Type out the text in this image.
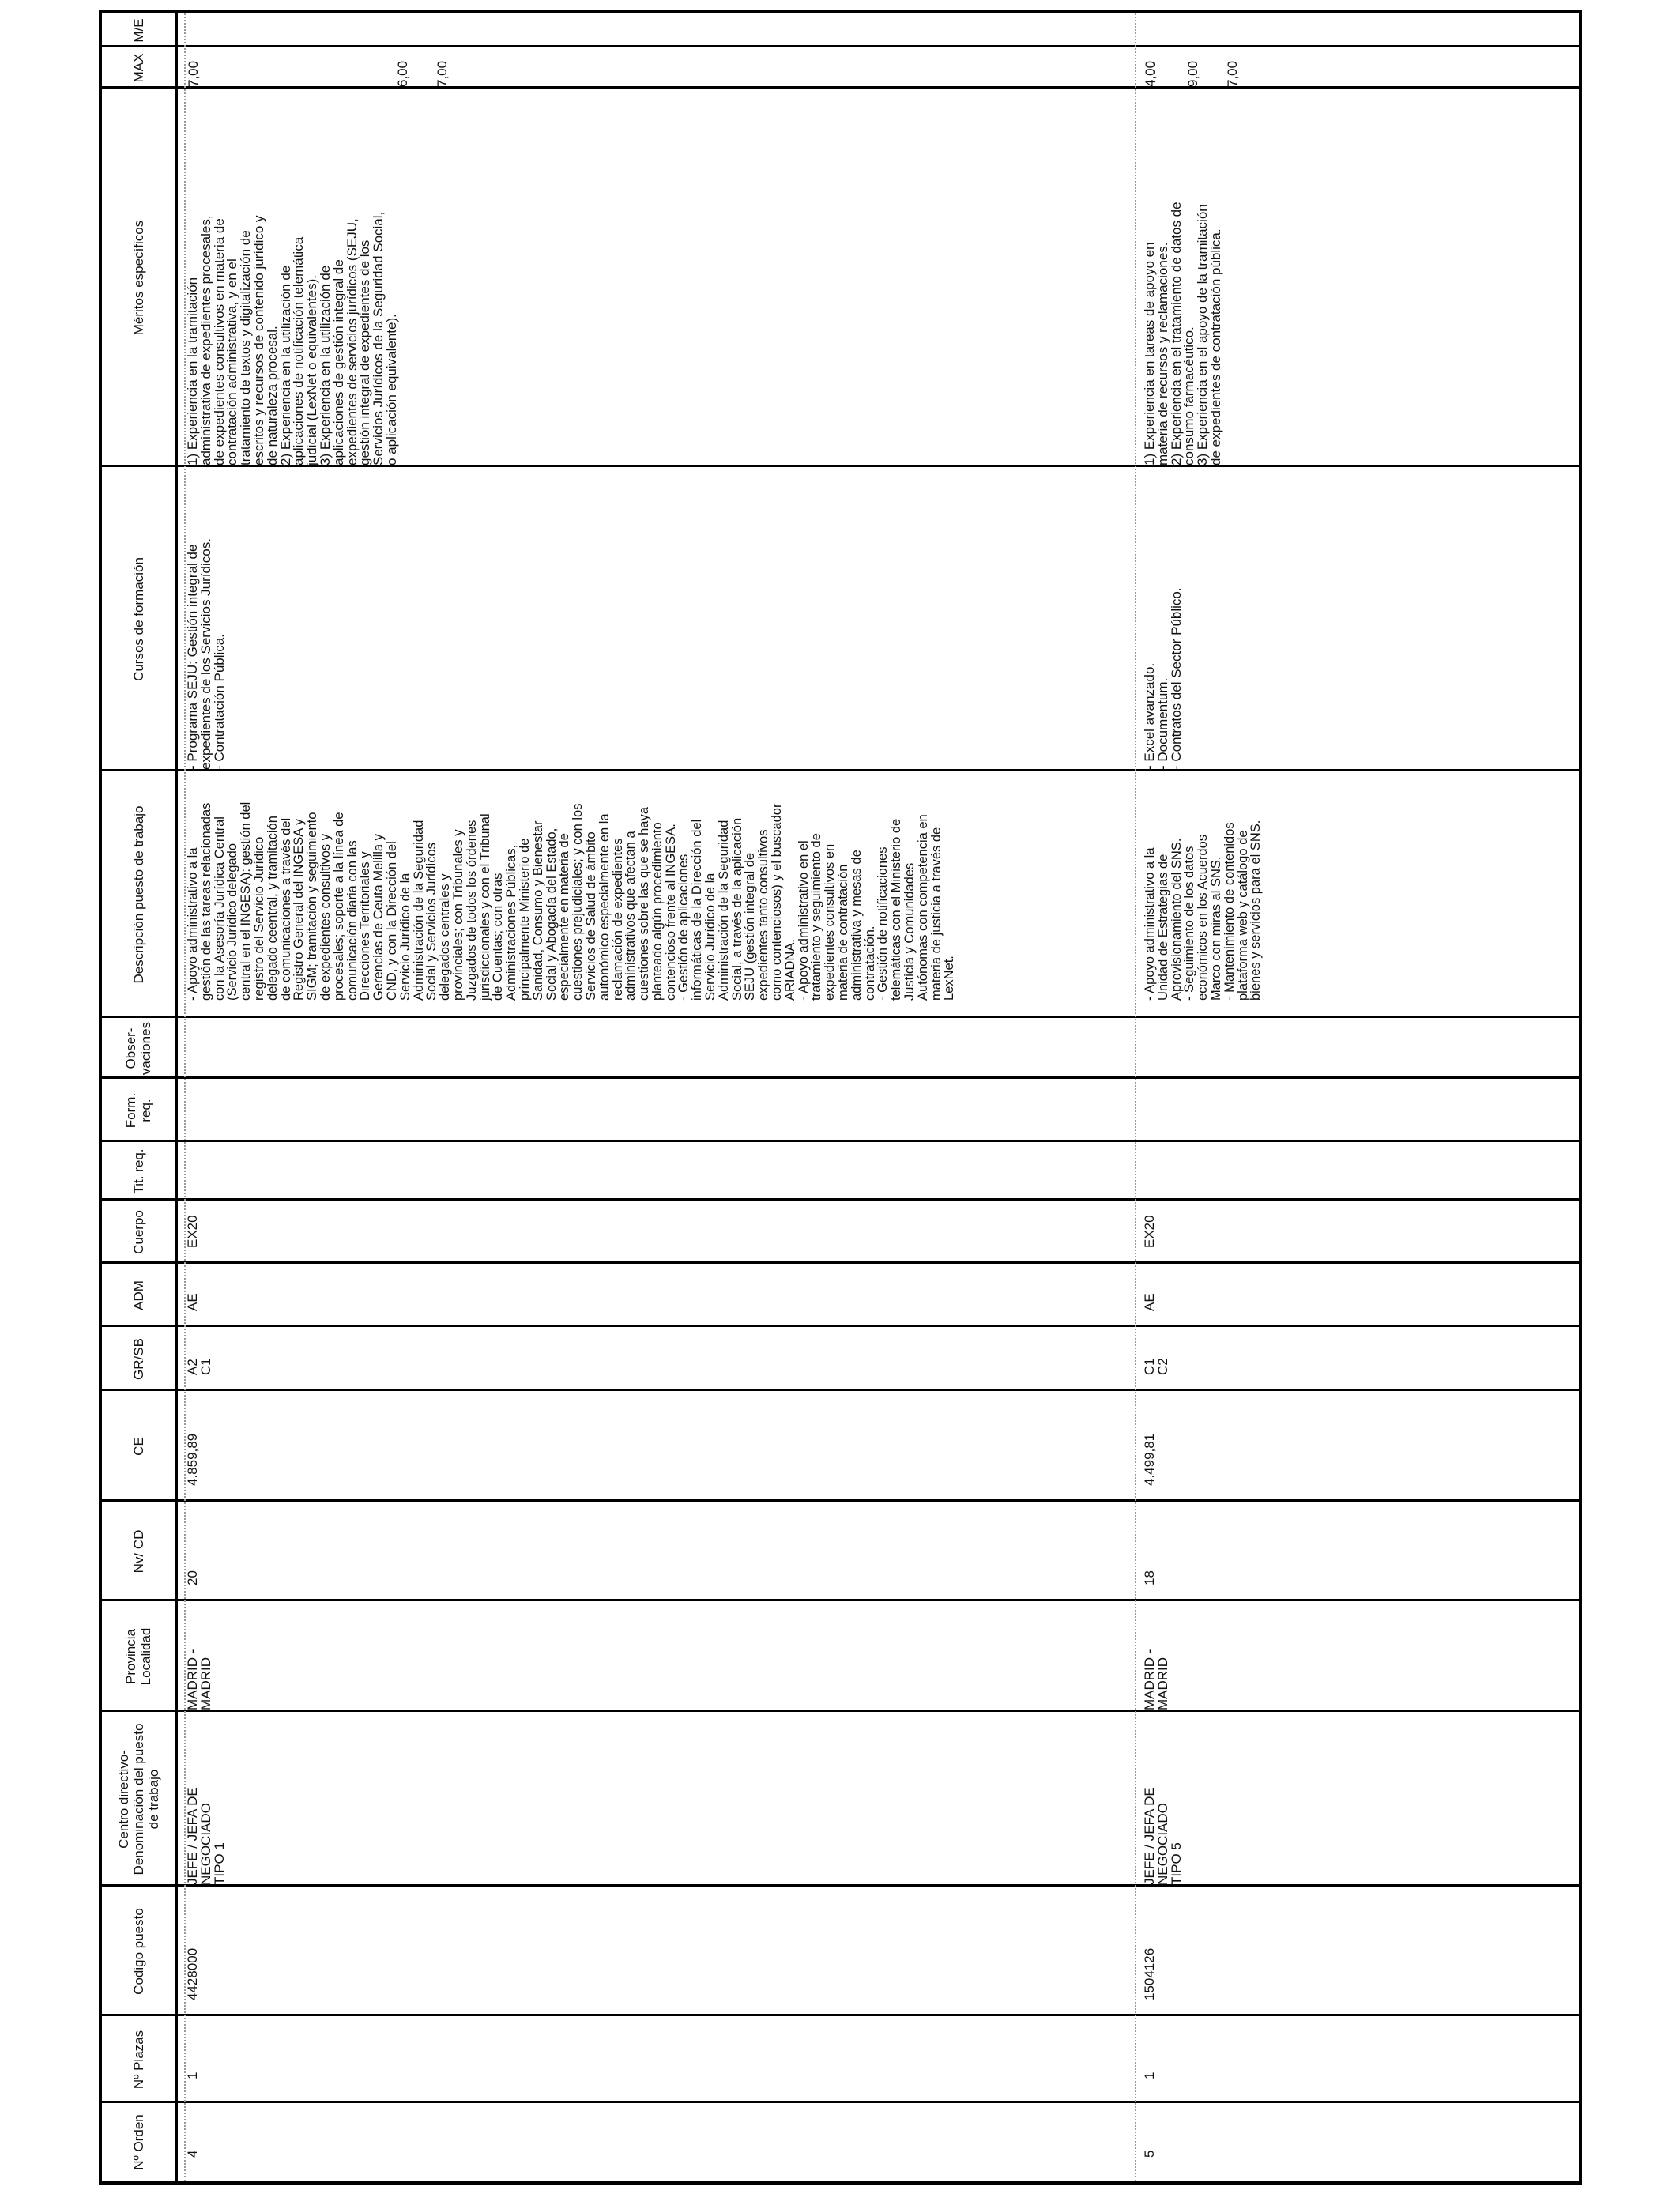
Nº Orden
Nº Plazas
Codigo puesto
Centro directivo- Denominación del puesto de trabajo
Provincia Localidad
Nv/ CD
CE
GR/SB
ADM
Cuerpo
Tit. req.
Form. req.
Obser- vaciones
Descripción puesto de trabajo
Cursos de formación
Méritos específicos
MAX
M/E
4
1
4428000
JEFE / JEFA DE NEGOCIADO
TIPO 1
MADRID -
MADRID
20
4.859,89
A2
C1
AE
EX20
- Apoyo administrativo a la
gestión de las tareas relacionadas
con la Asesoría Jurídica Central
(Servicio Jurídico delegado
central en el INGESA): gestión del
registro del Servicio Jurídico
delegado ceentral, y tramitación
de comunicaciones a través del
Registro General del INGESA y
SIGM; tramitación y seguimiento
de expedientes consultivos y
procesales; soporte a la línea de
comunicación diaria con las
Direcciones Territoriales y
Gerencias de Ceuta Melilla y
CND, y con la Dirección del
Servicio Jurídico de la
Administración de la Seguridad
Social y Servicios Jurídicos
delegados centrales y
provinciales; con Tribunales y
Juzgados de todos los órdenes
jurisdiccionales y con el Tribunal
de Cuentas; con otras
Administraciones Públicas,
principalmente Ministerio de
Sanidad, Consumo y Bienestar
Social y Abogacía del Estado,
especialmente en materia de
cuestiones prejudiciales; y con los
Servicios de Salud de ámbito
autonómico especialmente en la
reclamación de expedientes
administrativos que afectan a
cuestiones sobre las que se haya
planteado algún procedimiento
contencioso frente al INGESA.
- Gestión de aplicaciones
informáticas de la Dirección del
Servicio Jurídico de la
Administración de la Seguridad
Social, a través de la aplicación
SEJU (gestión integral de
expedientes tanto consultivos
como contenciosos) y el buscador
ARIADNA.
- Apoyo administrativo en el
tratamiento y seguimiento de
expedientes consultivos en
materia de contratación
administrativa y mesas de
contratación.
- Gestión de notificaciones
telemáticas con el Ministerio de
Justicia y Comunidades
Autónomas con competencia en
materia de justicia a través de
LexNet.
- Programa SEJU: Gestión integral de
expedientes de los Servicios Jurídicos.
- Contratación Pública.
1) Experiencia en la tramitación
administrativa de expedientes procesales,
de expedientes consultivos en materia de
contratación administrativa, y en el
tratamiento de textos y digitalización de
escritos y recursos de contenido jurídico y
de naturaleza procesal.
2) Experiencia en la utilización de
aplicaciones de notificación telemática
judicial (LexNet o equivalentes).
3) Experiencia en la utilización de
aplicaciones de gestión integral de
expedientes de servicios jurídicos (SEJU,
gestión integral de expedientes de los
Servicios Jurídicos de la Seguridad Social,
o aplicación equivalente).
7,00	6,00 7,00
5
1
1504126
JEFE / JEFA DE NEGOCIADO
TIPO 5
MADRID -
MADRID
18
4.499,81
C1
C2
AE
EX20
- Apoyo administrativo a la
Unidad de Estrategias de
Aprovisionamiento del SNS.
- Seguimiento de los datos
económicos en los Acuerdos
Marco con miras al SNS.
- Mantenimiento de contenidos
plataforma web y catálogo de
bienes y servicios para el SNS.
- Excel avanzado.
- Documentum.
- Contratos del Sector Público.
1) Experiencia en tareas de apoyo en
materia de recursos y reclamaciones.
2) Experiencia en el tratamiento de datos de
consumo farmacéutico.
3) Experiencia en el apoyo de la tramitación
de expedientes de contratación pública.
4,00 9,00 7,00
